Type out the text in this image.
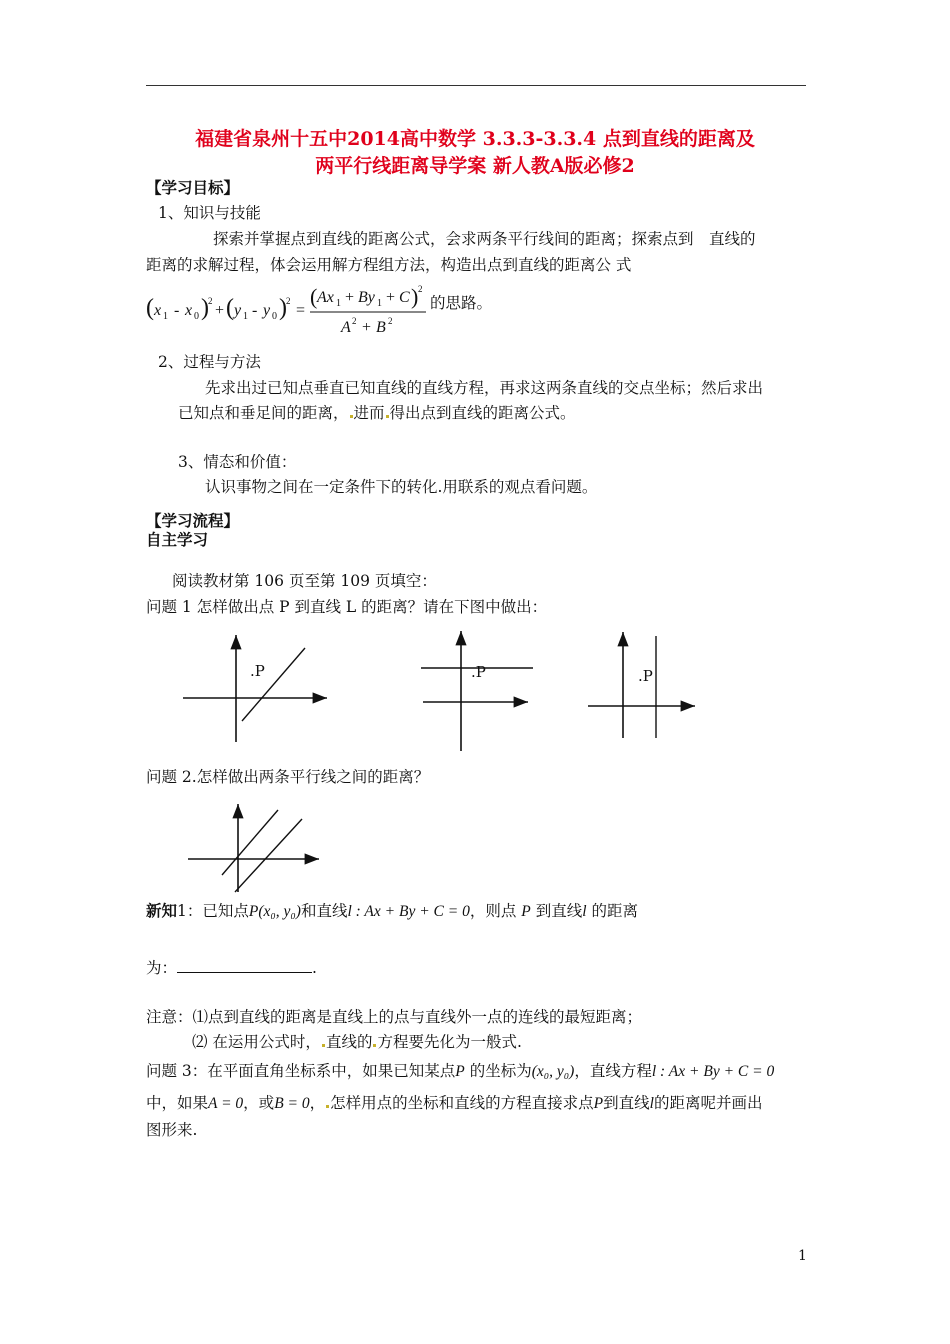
福建省泉州十五中2014高中数学 3.3.3-3.3.4 点到直线的距离及
两平行线距离导学案 新人教A版必修2
【学习目标】
1、知识与技能
探索并掌握点到直线的距离公式，会求两条平行线间的距离；探索点到　直线的
距离的求解过程，体会运用解方程组方法，构造出点到直线的距离公 式
( x 1 - x 0 ) 2
+ ( y 1 - y 0 ) 2
=
( Ax 1 + By 1 + C ) 2
A 2 + B 2
的思路。
2、过程与方法
先求出过已知点垂直已知直线的直线方程，再求这两条直线的交点坐标；然后求出
已知点和垂足间的距离， 进而 得出点到直线的距离公式。
3、情态和价值：
认识事物之间在一定条件下的转化.用联系的观点看问题。
【学习流程】
自主学习
阅读教材第 106 页至第 109 页填空：
问题 1 怎样做出点 P 到直线 L 的距离？请在下图中做出：
.P	.P	.P
问题 2.怎样做出两条平行线之间的距离？
新知1：已知点P(x₀, y₀)和直线l : Ax + By + C = 0，则点 P 到直线l 的距离
为：	.
注意：⑴点到直线的距离是直线上的点与直线外一点的连线的最短距离；
⑵ 在运用公式时， 直线的 方程要先化为一般式.
问题 3：在平面直角坐标系中，如果已知某点P 的坐标为(x₀, y₀)，直线方程l : Ax + By + C = 0
中，如果A = 0，或B = 0， 怎样用点的坐标和直线的方程直接求点P到直线l的距离呢并画出
图形来.
1
